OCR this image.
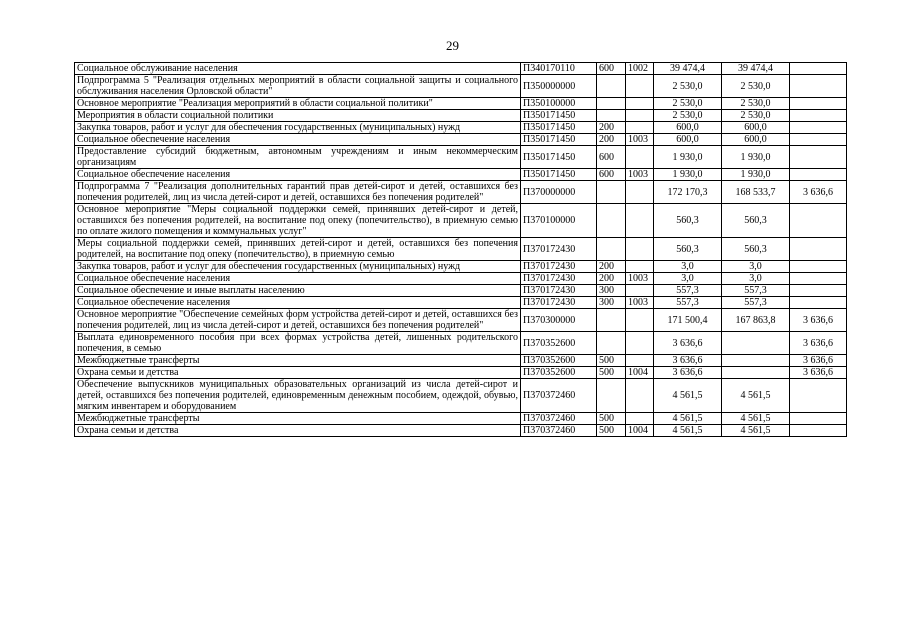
29
Социальное обслуживание населения	П340170110	600	1002	39 474,4	39 474,4	
Подпрограмма 5 "Реализация отдельных мероприятий в области социальной защиты и социального обслуживания населения Орловской области"	П350000000			2 530,0	2 530,0	
Основное мероприятие "Реализация мероприятий в области социальной политики"	П350100000			2 530,0	2 530,0	
Мероприятия в области социальной политики	П350171450			2 530,0	2 530,0	
Закупка товаров, работ и услуг для обеспечения государственных (муниципальных) нужд	П350171450	200		600,0	600,0	
Социальное обеспечение населения	П350171450	200	1003	600,0	600,0	
Предоставление субсидий бюджетным, автономным учреждениям и иным некоммерческим организациям	П350171450	600		1 930,0	1 930,0	
Социальное обеспечение населения	П350171450	600	1003	1 930,0	1 930,0	
Подпрограмма 7 "Реализация дополнительных гарантий прав детей-сирот и детей, оставшихся без попечения родителей, лиц из числа детей-сирот и детей, оставшихся без попечения родителей"	П370000000			172 170,3	168 533,7	3 636,6
Основное мероприятие "Меры социальной поддержки семей, принявших детей-сирот и детей, оставшихся без попечения родителей, на воспитание под опеку (попечительство), в приемную семью по оплате жилого помещения и коммунальных услуг"	П370100000			560,3	560,3	
Меры социальной поддержки семей, принявших детей-сирот и детей, оставшихся без попечения родителей, на воспитание под опеку (попечительство), в приемную семью	П370172430			560,3	560,3	
Закупка товаров, работ и услуг для обеспечения государственных (муниципальных) нужд	П370172430	200		3,0	3,0	
Социальное обеспечение населения	П370172430	200	1003	3,0	3,0	
Социальное обеспечение и иные выплаты населению	П370172430	300		557,3	557,3	
Социальное обеспечение населения	П370172430	300	1003	557,3	557,3	
Основное мероприятие "Обеспечение семейных форм устройства детей-сирот и детей, оставшихся без попечения родителей, лиц из числа детей-сирот и детей, оставшихся без попечения родителей"	П370300000			171 500,4	167 863,8	3 636,6
Выплата единовременного пособия при всех формах устройства детей, лишенных родительского попечения, в семью	П370352600			3 636,6		3 636,6
Межбюджетные трансферты	П370352600	500		3 636,6		3 636,6
Охрана семьи и детства	П370352600	500	1004	3 636,6		3 636,6
Обеспечение выпускников муниципальных образовательных организаций из числа детей-сирот и детей, оставшихся без попечения родителей, единовременным денежным пособием, одеждой, обувью, мягким инвентарем и оборудованием	П370372460			4 561,5	4 561,5	
Межбюджетные трансферты	П370372460	500		4 561,5	4 561,5	
Охрана семьи и детства	П370372460	500	1004	4 561,5	4 561,5	
